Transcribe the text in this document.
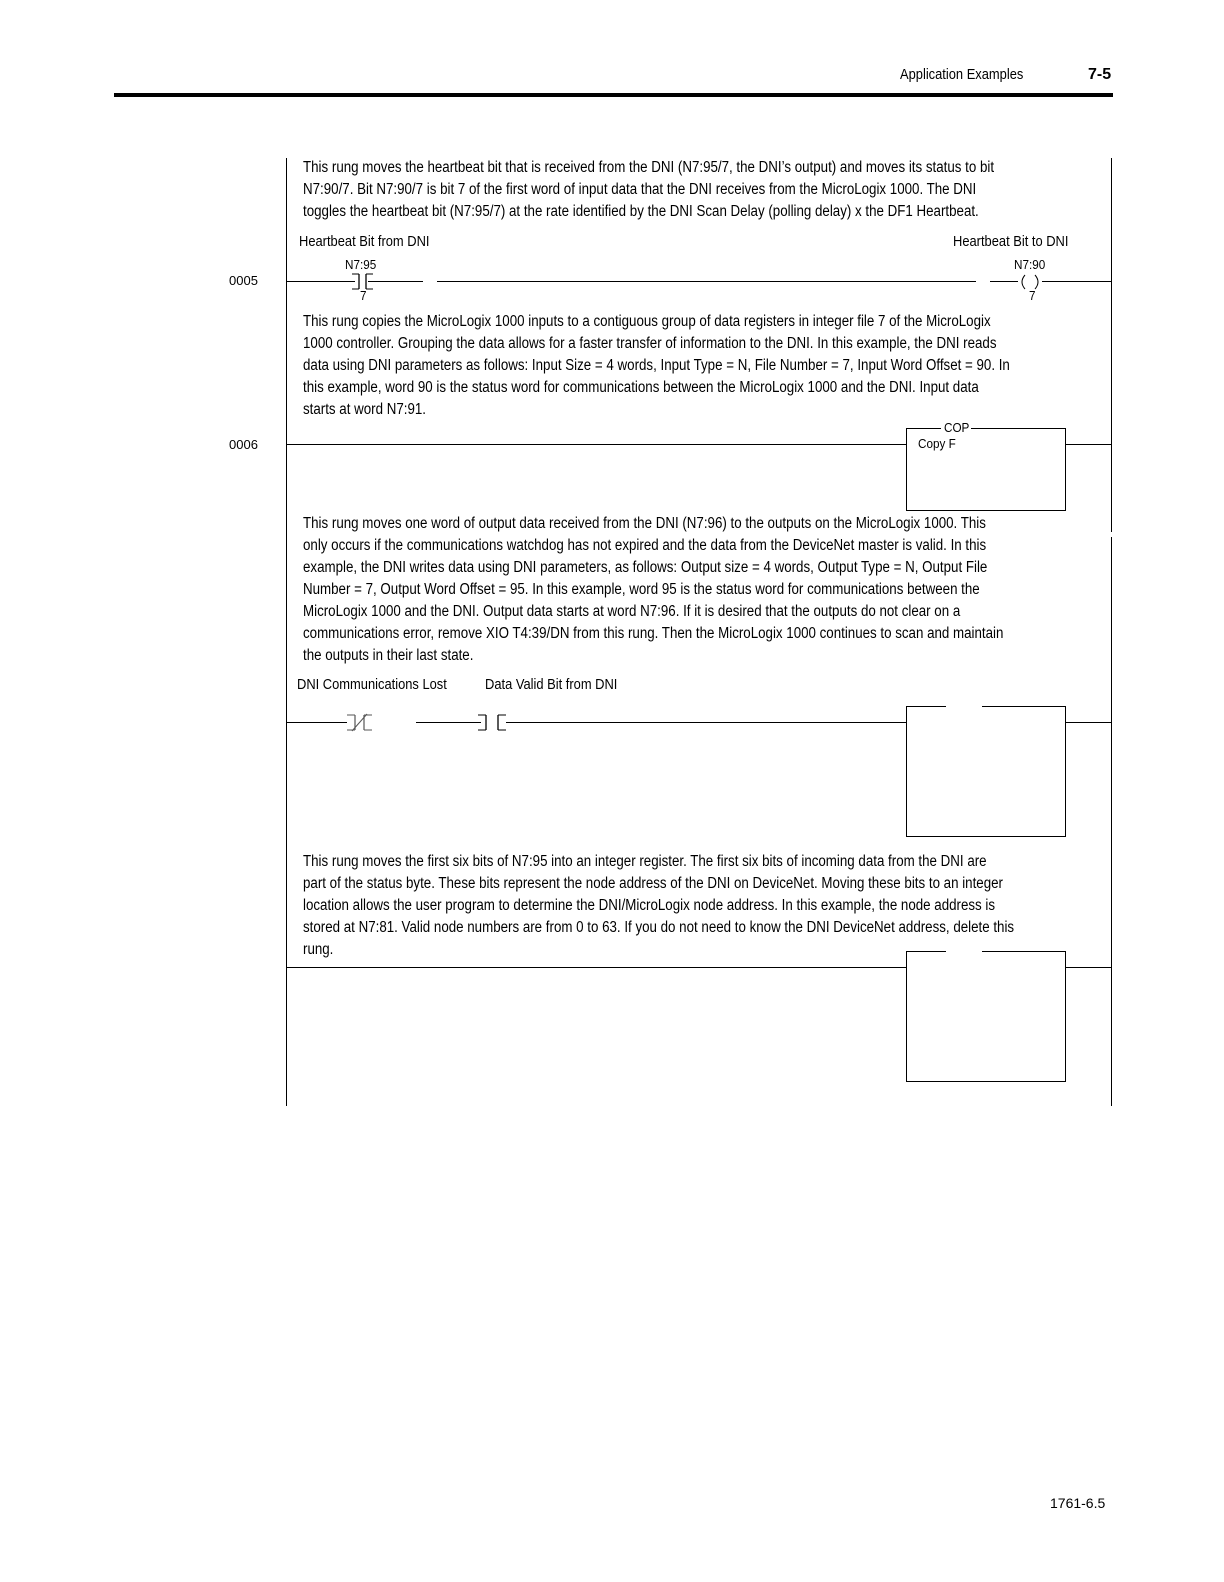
Application Examples	7-5
This rung moves the heartbeat bit that is received from the DNI (N7:95/7, the DNI’s output) and moves its status to bit
N7:90/7. Bit N7:90/7 is bit 7 of the first word of input data that the DNI receives from the MicroLogix 1000. The DNI
toggles the heartbeat bit (N7:95/7) at the rate identified by the DNI Scan Delay (polling delay) x the DF1 Heartbeat.
Heartbeat Bit from DNI	Heartbeat Bit to DNI
N7:95	N7:90
0005
7	7
This rung copies the MicroLogix 1000 inputs to a contiguous group of data registers in integer file 7 of the MicroLogix
1000 controller. Grouping the data allows for a faster transfer of information to the DNI. In this example, the DNI reads
data using DNI parameters as follows: Input Size = 4 words, Input Type = N, File Number = 7, Input Word Offset = 90. In
this example, word 90 is the status word for communications between the MicroLogix 1000 and the DNI. Input data
starts at word N7:91.
0006
COP
Copy F
This rung moves one word of output data received from the DNI (N7:96) to the outputs on the MicroLogix 1000. This
only occurs if the communications watchdog has not expired and the data from the DeviceNet master is valid. In this
example, the DNI writes data using DNI parameters, as follows: Output size = 4 words, Output Type = N, Output File
Number = 7, Output Word Offset = 95. In this example, word 95 is the status word for communications between the
MicroLogix 1000 and the DNI. Output data starts at word N7:96. If it is desired that the outputs do not clear on a
communications error, remove XIO T4:39/DN from this rung. Then the MicroLogix 1000 continues to scan and maintain
the outputs in their last state.
DNI Communications Lost	Data Valid Bit from DNI
This rung moves the first six bits of N7:95 into an integer register. The first six bits of incoming data from the DNI are
part of the status byte. These bits represent the node address of the DNI on DeviceNet. Moving these bits to an integer
location allows the user program to determine the DNI/MicroLogix node address. In this example, the node address is
stored at N7:81. Valid node numbers are from 0 to 63. If you do not need to know the DNI DeviceNet address, delete this
rung.
1761-6.5
